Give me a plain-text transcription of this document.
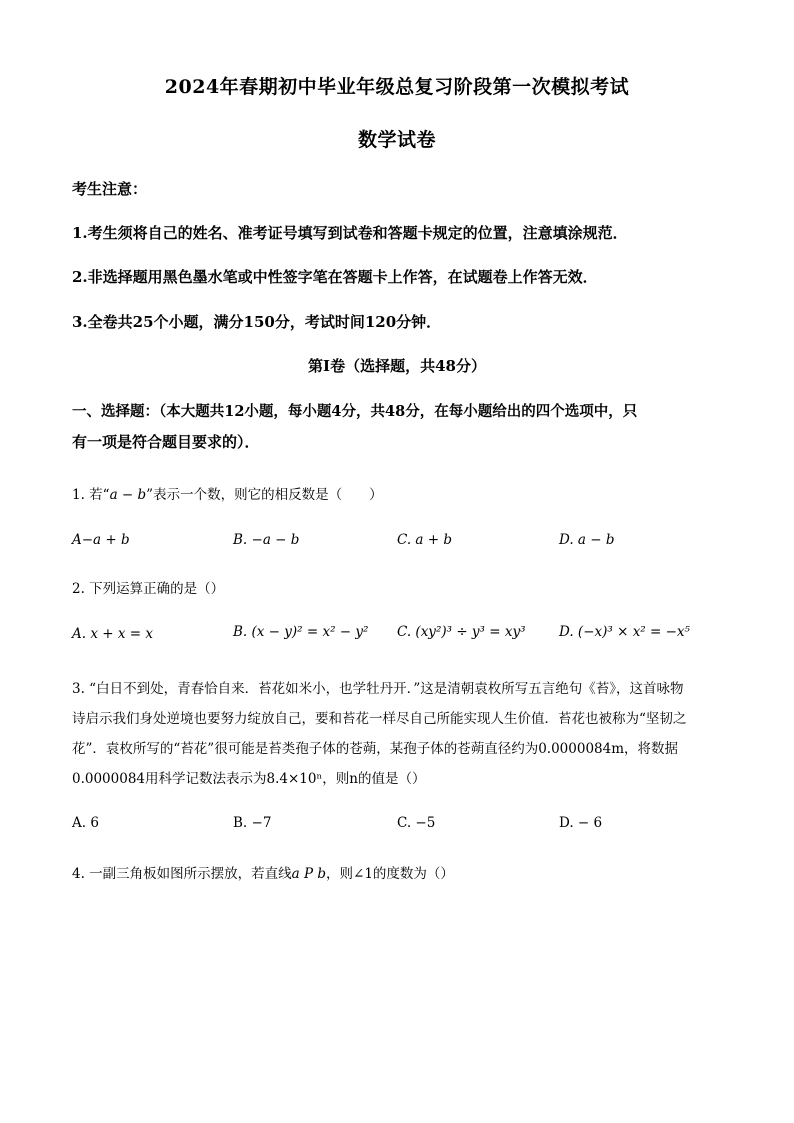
2024年春期初中毕业年级总复习阶段第一次模拟考试
数学试卷
考生注意：
1.考生须将自己的姓名、准考证号填写到试卷和答题卡规定的位置，注意填涂规范．
2.非选择题用黑色墨水笔或中性签字笔在答题卡上作答，在试题卷上作答无效．
3.全卷共25个小题，满分150分，考试时间120分钟．
第Ⅰ卷（选择题，共48分）
一、选择题：（本大题共12小题，每小题4分，共48分，在每小题给出的四个选项中，只
有一项是符合题目要求的）．
1. 若“a − b”表示一个数，则它的相反数是（　　）
A−a + b	B. −a − b	C. a + b	D. a − b
2. 下列运算正确的是（）
A. x + x = x	B. (x − y)² = x² − y² C. (xy²)³ ÷ y³ = xy³ D. (−x)³ × x² = −x⁵
3. “白日不到处，青春恰自来．苔花如米小，也学牡丹开．”这是清朝袁枚所写五言绝句《苔》，这首咏物
诗启示我们身处逆境也要努力绽放自己，要和苔花一样尽自己所能实现人生价值．苔花也被称为“坚韧之
花”．袁枚所写的“苔花”很可能是苔类孢子体的苍蒴，某孢子体的苍蒴直径约为0.0000084m，将数据
0.0000084用科学记数法表示为8.4×10ⁿ，则n的值是（）
A. 6	B. −7	C. −5	D. − 6
4. 一副三角板如图所示摆放，若直线a P b，则∠1的度数为（）
